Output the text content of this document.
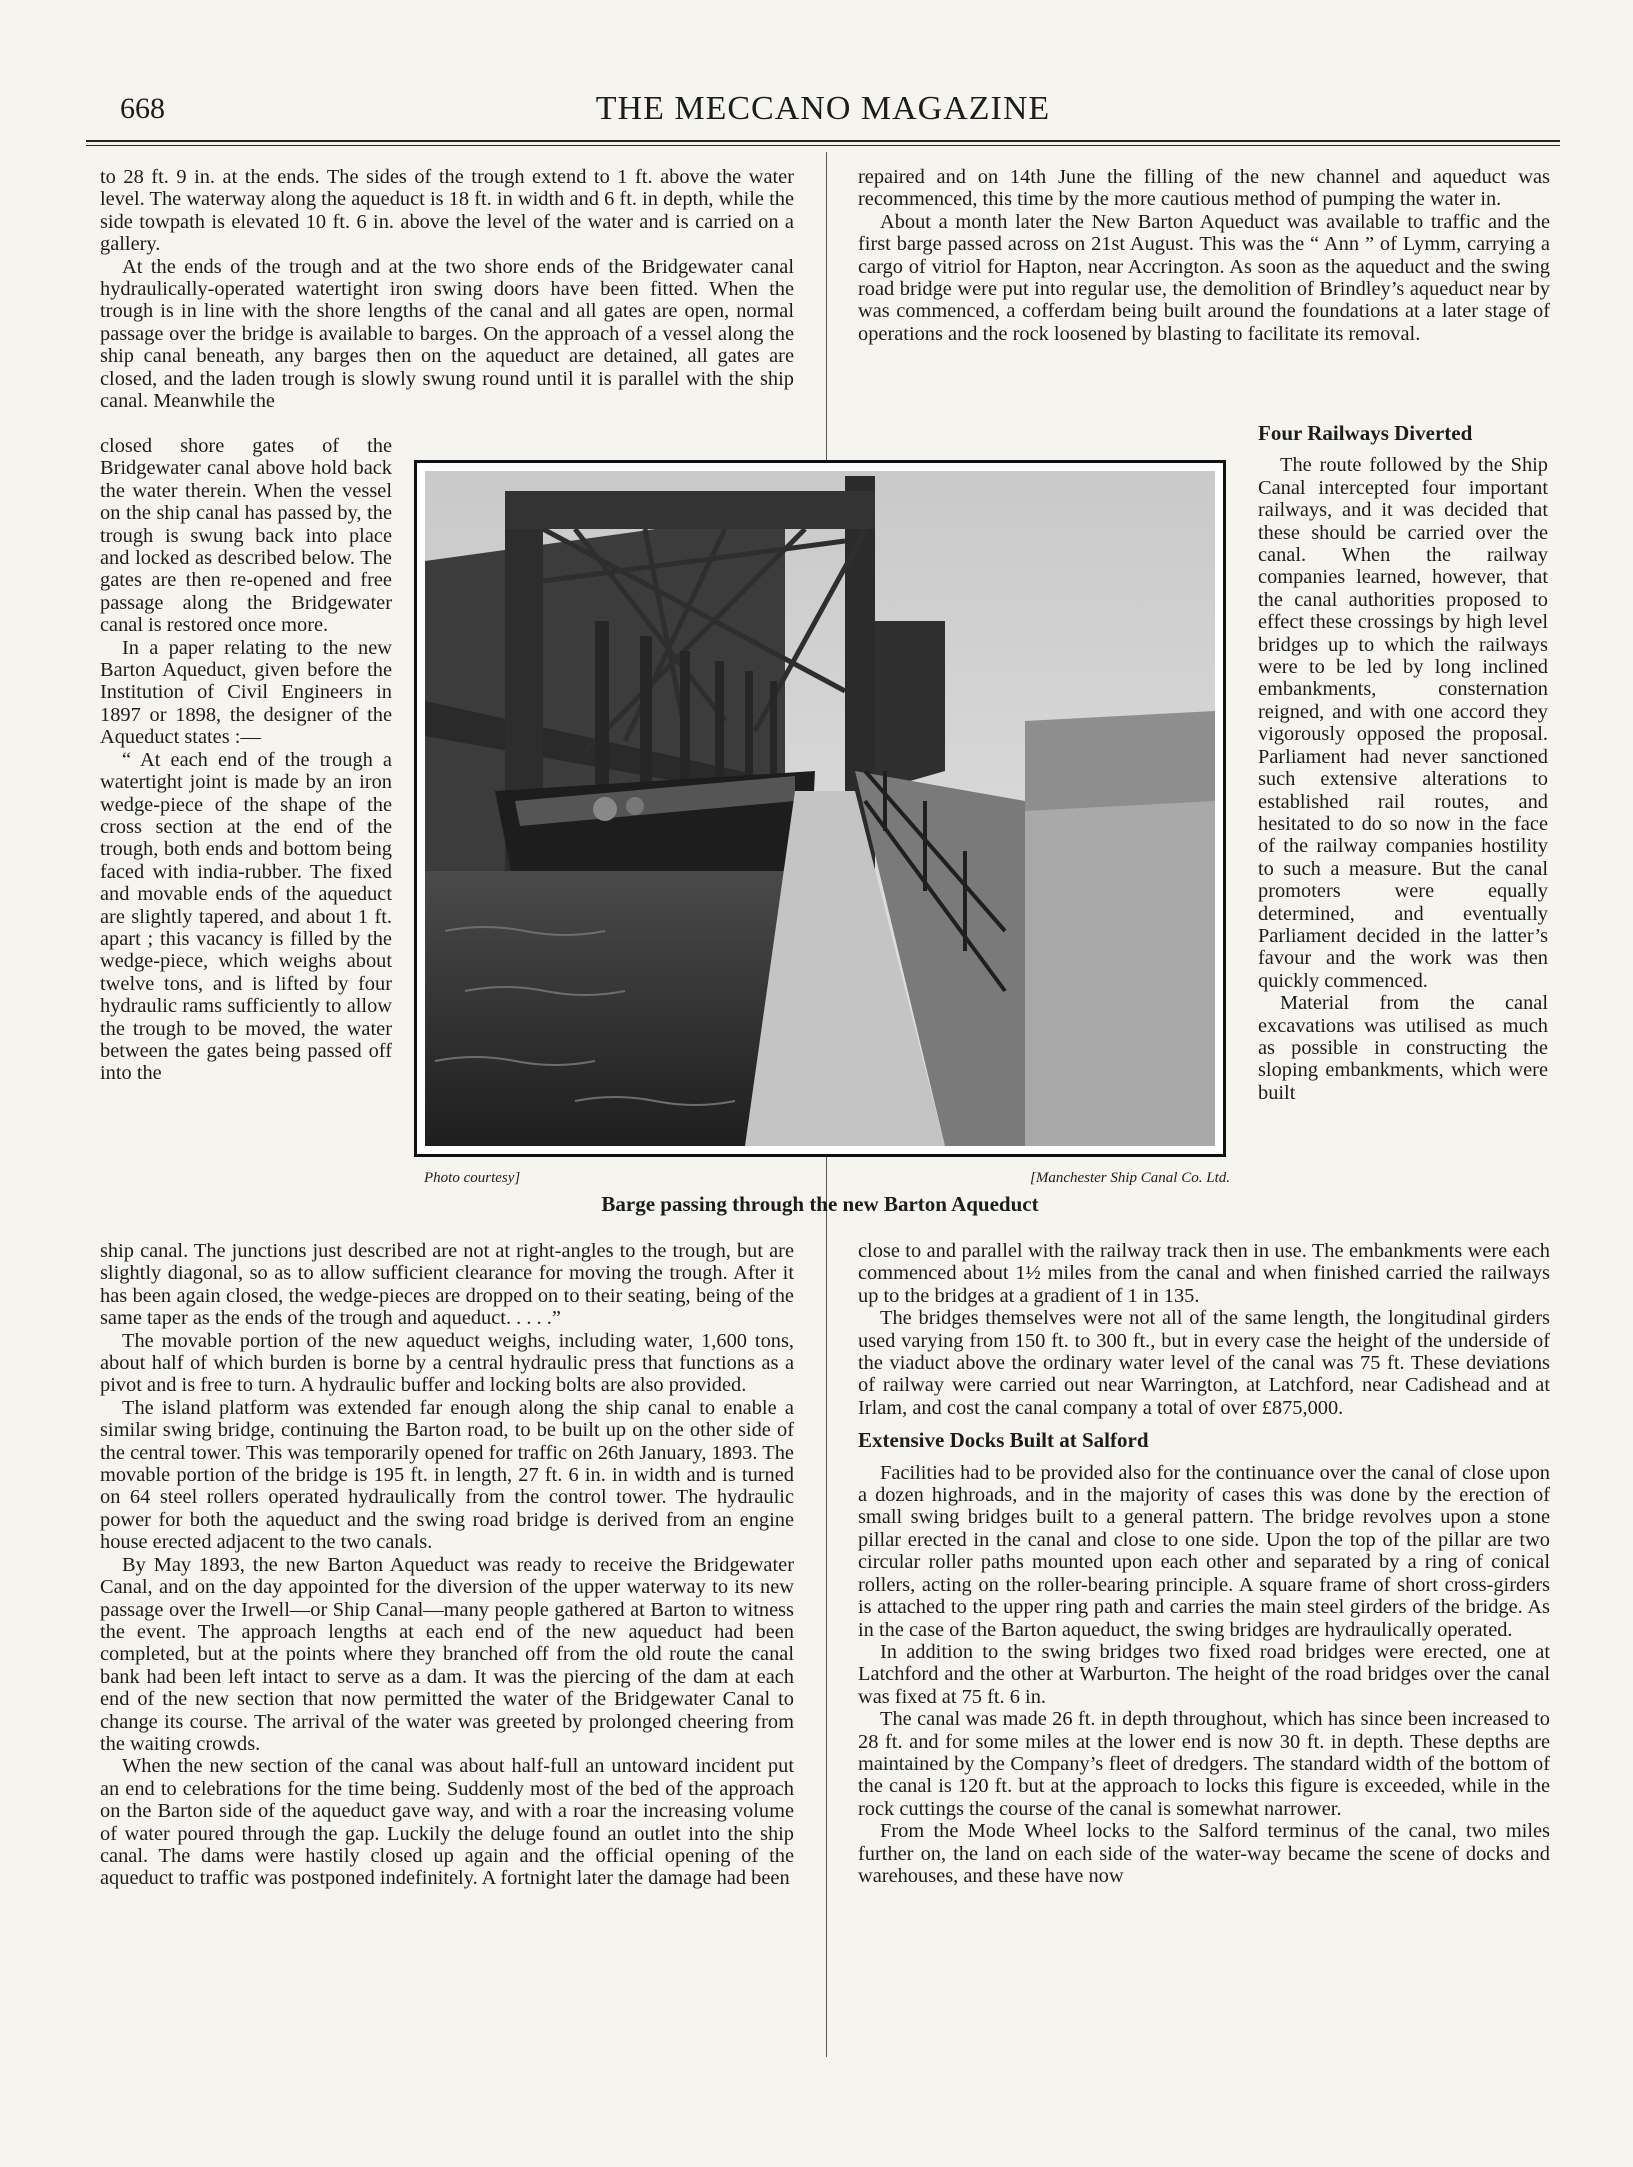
668	THE MECCANO MAGAZINE

to 28 ft. 9 in. at the ends. The sides of the trough extend to 1 ft. above the water level. The waterway along the aqueduct is 18 ft. in width and 6 ft. in depth, while the side towpath is elevated 10 ft. 6 in. above the level of the water and is carried on a gallery.

At the ends of the trough and at the two shore ends of the Bridgewater canal hydraulically-operated watertight iron swing doors have been fitted. When the trough is in line with the shore lengths of the canal and all gates are open, normal passage over the bridge is available to barges. On the approach of a vessel along the ship canal beneath, any barges then on the aqueduct are detained, all gates are closed, and the laden trough is slowly swung round until it is parallel with the ship canal. Meanwhile the

closed shore gates of the Bridgewater canal above hold back the water therein. When the vessel on the ship canal has passed by, the trough is swung back into place and locked as described below. The gates are then re-opened and free passage along the Bridgewater canal is restored once more.

In a paper relating to the new Barton Aqueduct, given before the Institution of Civil Engineers in 1897 or 1898, the designer of the Aqueduct states :—

“ At each end of the trough a watertight joint is made by an iron wedge-piece of the shape of the cross section at the end of the trough, both ends and bottom being faced with india-rubber. The fixed and movable ends of the aqueduct are slightly tapered, and about 1 ft. apart ; this vacancy is filled by the wedge-piece, which weighs about twelve tons, and is lifted by four hydraulic rams sufficiently to allow the trough to be moved, the water between the gates being passed off into the

ship canal. The junctions just described are not at right-angles to the trough, but are slightly diagonal, so as to allow sufficient clearance for moving the trough. After it has been again closed, the wedge-pieces are dropped on to their seating, being of the same taper as the ends of the trough and aqueduct. . . . .”

The movable portion of the new aqueduct weighs, including water, 1,600 tons, about half of which burden is borne by a central hydraulic press that functions as a pivot and is free to turn. A hydraulic buffer and locking bolts are also provided.

The island platform was extended far enough along the ship canal to enable a similar swing bridge, continuing the Barton road, to be built up on the other side of the central tower. This was temporarily opened for traffic on 26th January, 1893. The movable portion of the bridge is 195 ft. in length, 27 ft. 6 in. in width and is turned on 64 steel rollers operated hydraulically from the control tower. The hydraulic power for both the aqueduct and the swing road bridge is derived from an engine house erected adjacent to the two canals.

By May 1893, the new Barton Aqueduct was ready to receive the Bridgewater Canal, and on the day appointed for the diversion of the upper waterway to its new passage over the Irwell—or Ship Canal—many people gathered at Barton to witness the event. The approach lengths at each end of the new aqueduct had been completed, but at the points where they branched off from the old route the canal bank had been left intact to serve as a dam. It was the piercing of the dam at each end of the new section that now permitted the water of the Bridgewater Canal to change its course. The arrival of the water was greeted by prolonged cheering from the waiting crowds.

When the new section of the canal was about half-full an untoward incident put an end to celebrations for the time being. Suddenly most of the bed of the approach on the Barton side of the aqueduct gave way, and with a roar the increasing volume of water poured through the gap. Luckily the deluge found an outlet into the ship canal. The dams were hastily closed up again and the official opening of the aqueduct to traffic was postponed indefinitely. A fortnight later the damage had been

repaired and on 14th June the filling of the new channel and aqueduct was recommenced, this time by the more cautious method of pumping the water in.

About a month later the New Barton Aqueduct was available to traffic and the first barge passed across on 21st August. This was the “ Ann ” of Lymm, carrying a cargo of vitriol for Hapton, near Accrington. As soon as the aqueduct and the swing road bridge were put into regular use, the demolition of Brindley’s aqueduct near by was commenced, a cofferdam being built around the foundations at a later stage of operations and the rock loosened by blasting to facilitate its removal.

Four Railways Diverted

The route followed by the Ship Canal intercepted four important railways, and it was decided that these should be carried over the canal. When the railway companies learned, however, that the canal authorities proposed to effect these crossings by high level bridges up to which the railways were to be led by long inclined embankments, consternation reigned, and with one accord they vigorously opposed the proposal. Parliament had never sanctioned such extensive alterations to established rail routes, and hesitated to do so now in the face of the railway companies hostility to such a measure. But the canal promoters were equally determined, and eventually Parliament decided in the latter’s favour and the work was then quickly commenced.

Material from the canal excavations was utilised as much as possible in constructing the sloping embankments, which were built

close to and parallel with the railway track then in use. The embankments were each commenced about 1½ miles from the canal and when finished carried the railways up to the bridges at a gradient of 1 in 135.

The bridges themselves were not all of the same length, the longitudinal girders used varying from 150 ft. to 300 ft., but in every case the height of the underside of the viaduct above the ordinary water level of the canal was 75 ft. These deviations of railway were carried out near Warrington, at Latchford, near Cadishead and at Irlam, and cost the canal company a total of over £875,000.

Extensive Docks Built at Salford

Facilities had to be provided also for the continuance over the canal of close upon a dozen highroads, and in the majority of cases this was done by the erection of small swing bridges built to a general pattern. The bridge revolves upon a stone pillar erected in the canal and close to one side. Upon the top of the pillar are two circular roller paths mounted upon each other and separated by a ring of conical rollers, acting on the roller-bearing principle. A square frame of short cross-girders is attached to the upper ring path and carries the main steel girders of the bridge. As in the case of the Barton aqueduct, the swing bridges are hydraulically operated.

In addition to the swing bridges two fixed road bridges were erected, one at Latchford and the other at Warburton. The height of the road bridges over the canal was fixed at 75 ft. 6 in.

The canal was made 26 ft. in depth throughout, which has since been increased to 28 ft. and for some miles at the lower end is now 30 ft. in depth. These depths are maintained by the Company’s fleet of dredgers. The standard width of the bottom of the canal is 120 ft. but at the approach to locks this figure is exceeded, while in the rock cuttings the course of the canal is somewhat narrower.

From the Mode Wheel locks to the Salford terminus of the canal, two miles further on, the land on each side of the water-way became the scene of docks and warehouses, and these have now

Photo courtesy]	[Manchester Ship Canal Co. Ltd.
Barge passing through the new Barton Aqueduct
